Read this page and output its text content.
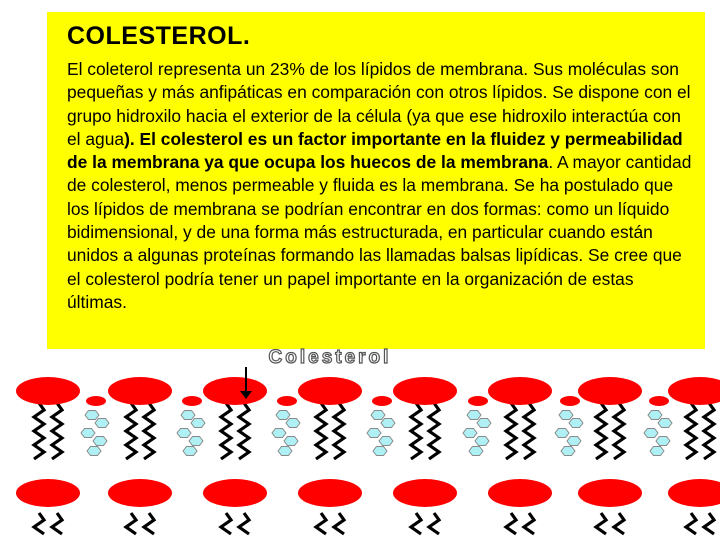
COLESTEROL.

El coleterol representa un 23% de los lípidos de membrana. Sus moléculas son pequeñas y más anfipáticas en comparación con otros lípidos. Se dispone con el grupo hidroxilo hacia el exterior de la célula (ya que ese hidroxilo interactúa con el agua). El colesterol es un factor importante en la fluidez y permeabilidad de la membrana ya que ocupa los huecos de la membrana. A mayor cantidad de colesterol, menos permeable y fluida es la membrana. Se ha postulado que los lípidos de membrana se podrían encontrar en dos formas: como un líquido bidimensional, y de una forma más estructurada, en particular cuando están unidos a algunas proteínas formando las llamadas balsas lipídicas. Se cree que el colesterol podría tener un papel importante en la organización de estas últimas.

Colesterol
